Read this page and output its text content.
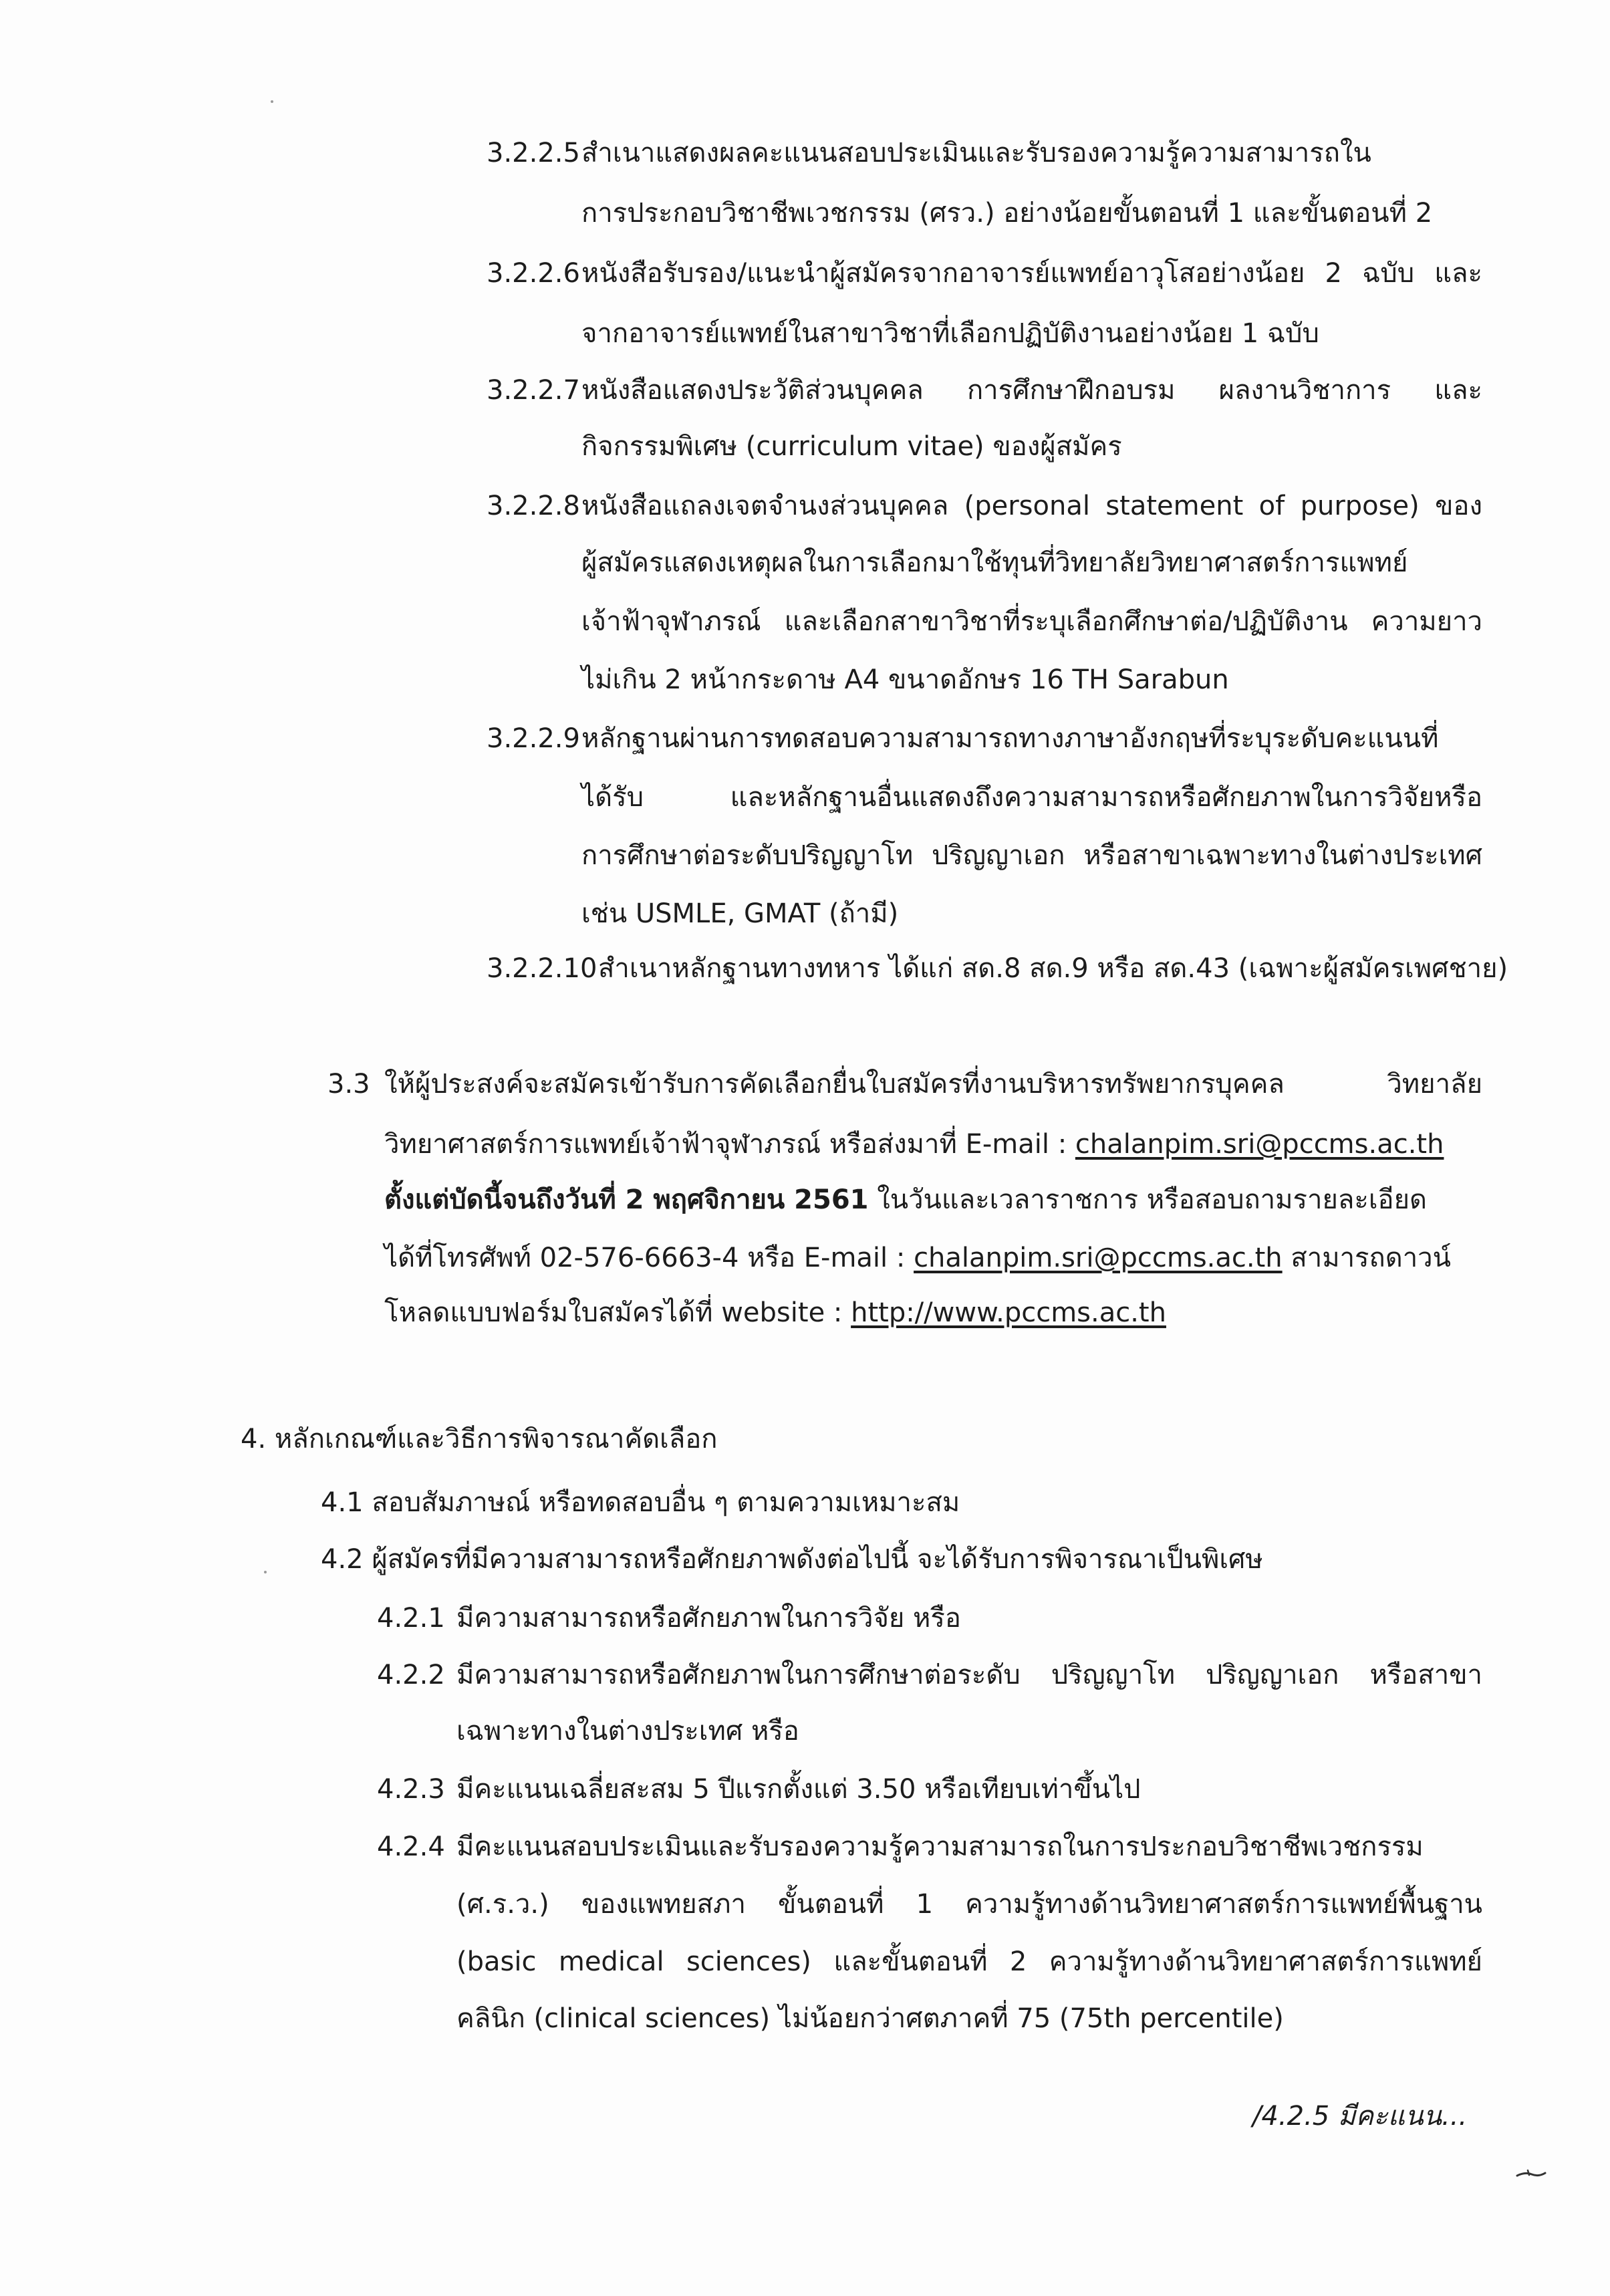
3.2.2.5 สำเนาแสดงผลคะแนนสอบประเมินและรับรองความรู้ความสามารถใน
การประกอบวิชาชีพเวชกรรม (ศรว.) อย่างน้อยขั้นตอนที่ 1 และขั้นตอนที่ 2
3.2.2.6 หนังสือรับรอง/แนะนำผู้สมัครจากอาจารย์แพทย์อาวุโสอย่างน้อย 2 ฉบับ และ
จากอาจารย์แพทย์ในสาขาวิชาที่เลือกปฏิบัติงานอย่างน้อย 1 ฉบับ
3.2.2.7 หนังสือแสดงประวัติส่วนบุคคล การศึกษาฝึกอบรม ผลงานวิชาการ และ
กิจกรรมพิเศษ (curriculum vitae) ของผู้สมัคร
3.2.2.8 หนังสือแถลงเจตจำนงส่วนบุคคล (personal statement of purpose) ของ
ผู้สมัครแสดงเหตุผลในการเลือกมาใช้ทุนที่วิทยาลัยวิทยาศาสตร์การแพทย์
เจ้าฟ้าจุฬาภรณ์ และเลือกสาขาวิชาที่ระบุเลือกศึกษาต่อ/ปฏิบัติงาน ความยาว
ไม่เกิน 2 หน้ากระดาษ A4 ขนาดอักษร 16 TH Sarabun
3.2.2.9 หลักฐานผ่านการทดสอบความสามารถทางภาษาอังกฤษที่ระบุระดับคะแนนที่
ได้รับ และหลักฐานอื่นแสดงถึงความสามารถหรือศักยภาพในการวิจัยหรือ
การศึกษาต่อระดับปริญญาโท ปริญญาเอก หรือสาขาเฉพาะทางในต่างประเทศ
เช่น USMLE, GMAT (ถ้ามี)
3.2.2.10 สำเนาหลักฐานทางทหาร ได้แก่ สด.8 สด.9 หรือ สด.43 (เฉพาะผู้สมัครเพศชาย)
3.3 ให้ผู้ประสงค์จะสมัครเข้ารับการคัดเลือกยื่นใบสมัครที่งานบริหารทรัพยากรบุคคล วิทยาลัย
วิทยาศาสตร์การแพทย์เจ้าฟ้าจุฬาภรณ์ หรือส่งมาที่ E-mail : chalanpim.sri@pccms.ac.th
ตั้งแต่บัดนี้จนถึงวันที่ 2 พฤศจิกายน 2561 ในวันและเวลาราชการ หรือสอบถามรายละเอียด
ได้ที่โทรศัพท์ 02-576-6663-4 หรือ E-mail : chalanpim.sri@pccms.ac.th สามารถดาวน์
โหลดแบบฟอร์มใบสมัครได้ที่ website : http://www.pccms.ac.th
4. หลักเกณฑ์และวิธีการพิจารณาคัดเลือก
4.1 สอบสัมภาษณ์ หรือทดสอบอื่น ๆ ตามความเหมาะสม
4.2 ผู้สมัครที่มีความสามารถหรือศักยภาพดังต่อไปนี้ จะได้รับการพิจารณาเป็นพิเศษ
4.2.1 มีความสามารถหรือศักยภาพในการวิจัย หรือ
4.2.2 มีความสามารถหรือศักยภาพในการศึกษาต่อระดับ ปริญญาโท ปริญญาเอก หรือสาขา
เฉพาะทางในต่างประเทศ หรือ
4.2.3 มีคะแนนเฉลี่ยสะสม 5 ปีแรกตั้งแต่ 3.50 หรือเทียบเท่าขึ้นไป
4.2.4 มีคะแนนสอบประเมินและรับรองความรู้ความสามารถในการประกอบวิชาชีพเวชกรรม
(ศ.ร.ว.) ของแพทยสภา ขั้นตอนที่ 1 ความรู้ทางด้านวิทยาศาสตร์การแพทย์พื้นฐาน
(basic medical sciences) และขั้นตอนที่ 2 ความรู้ทางด้านวิทยาศาสตร์การแพทย์
คลินิก (clinical sciences) ไม่น้อยกว่าศตภาคที่ 75 (75th percentile)
/4.2.5 มีคะแนน...
